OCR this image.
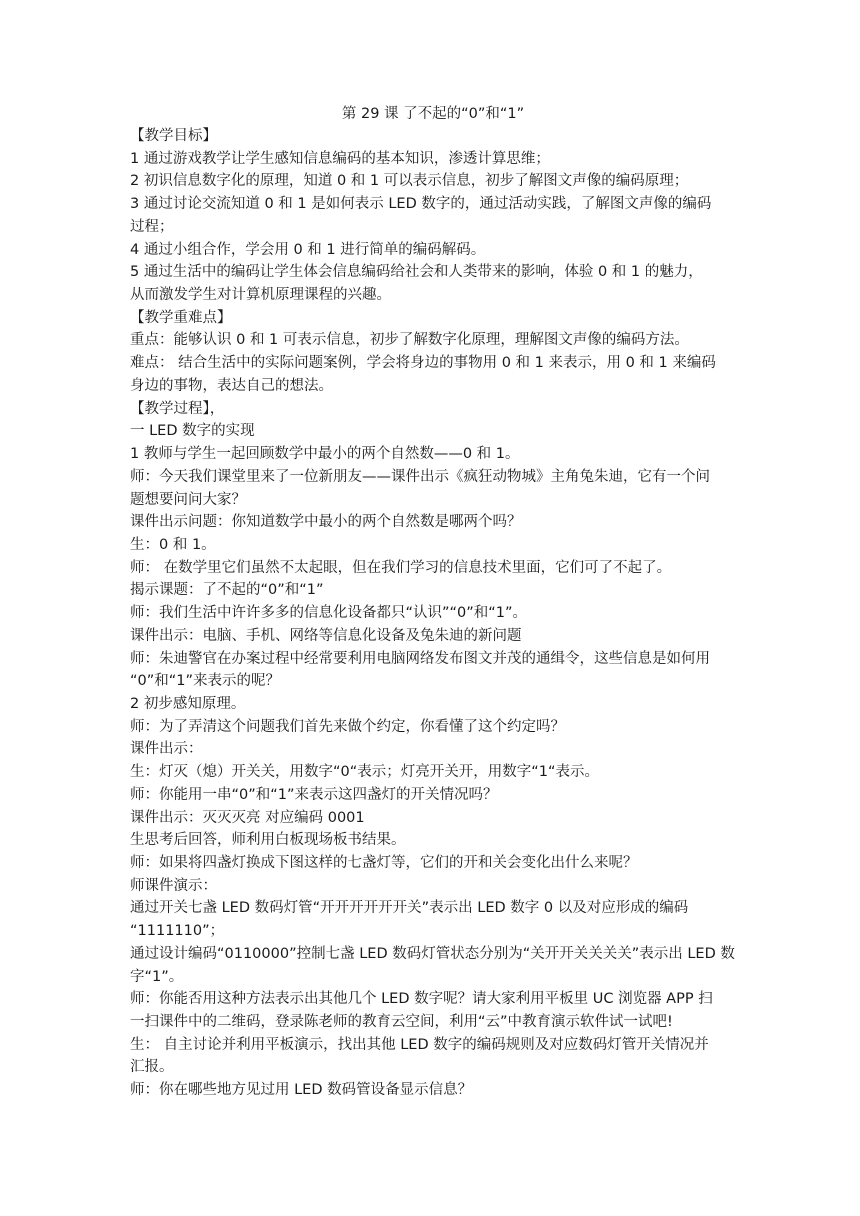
第 29 课 了不起的“0”和“1”

【教学目标】

1 通过游戏教学让学生感知信息编码的基本知识，渗透计算思维；

2 初识信息数字化的原理，知道 0 和 1 可以表示信息，初步了解图文声像的编码原理；

3 通过讨论交流知道 0 和 1 是如何表示 LED 数字的，通过活动实践，了解图文声像的编码

过程；

4 通过小组合作，学会用 0 和 1 进行简单的编码解码。

5 通过生活中的编码让学生体会信息编码给社会和人类带来的影响，体验 0 和 1 的魅力，

从而激发学生对计算机原理课程的兴趣。

【教学重难点】

重点：能够认识 0 和 1 可表示信息，初步了解数字化原理，理解图文声像的编码方法。

难点： 结合生活中的实际问题案例，学会将身边的事物用 0 和 1 来表示，用 0 和 1 来编码

身边的事物，表达自己的想法。

【教学过程】，

一 LED 数字的实现

1 教师与学生一起回顾数学中最小的两个自然数——0 和 1。

师：今天我们课堂里来了一位新朋友——课件出示《疯狂动物城》主角兔朱迪，它有一个问

题想要问问大家？

课件出示问题：你知道数学中最小的两个自然数是哪两个吗？

生：0 和 1。

师： 在数学里它们虽然不太起眼，但在我们学习的信息技术里面，它们可了不起了。

揭示课题：了不起的“0”和“1”

师：我们生活中许许多多的信息化设备都只“认识”“0”和“1”。

课件出示：电脑、手机、网络等信息化设备及兔朱迪的新问题

师：朱迪警官在办案过程中经常要利用电脑网络发布图文并茂的通缉令，这些信息是如何用

“0”和“1”来表示的呢？

2 初步感知原理。

师：为了弄清这个问题我们首先来做个约定，你看懂了这个约定吗？

课件出示：

生：灯灭（熄）开关关，用数字“0“表示；灯亮开关开，用数字“1“表示。

师：你能用一串“0”和“1”来表示这四盏灯的开关情况吗？

课件出示：灭灭灭亮 对应编码 0001

生思考后回答，师利用白板现场板书结果。

师：如果将四盏灯换成下图这样的七盏灯等，它们的开和关会变化出什么来呢？

师课件演示：

通过开关七盏 LED 数码灯管“开开开开开开关”表示出 LED 数字 0 以及对应形成的编码

“1111110”；

通过设计编码“0110000”控制七盏 LED 数码灯管状态分别为“关开开关关关关”表示出 LED 数

字“1”。

师：你能否用这种方法表示出其他几个 LED 数字呢？请大家利用平板里 UC 浏览器 APP 扫

一扫课件中的二维码，登录陈老师的教育云空间，利用“云”中教育演示软件试一试吧!

生： 自主讨论并利用平板演示，找出其他 LED 数字的编码规则及对应数码灯管开关情况并

汇报。

师：你在哪些地方见过用 LED 数码管设备显示信息？
